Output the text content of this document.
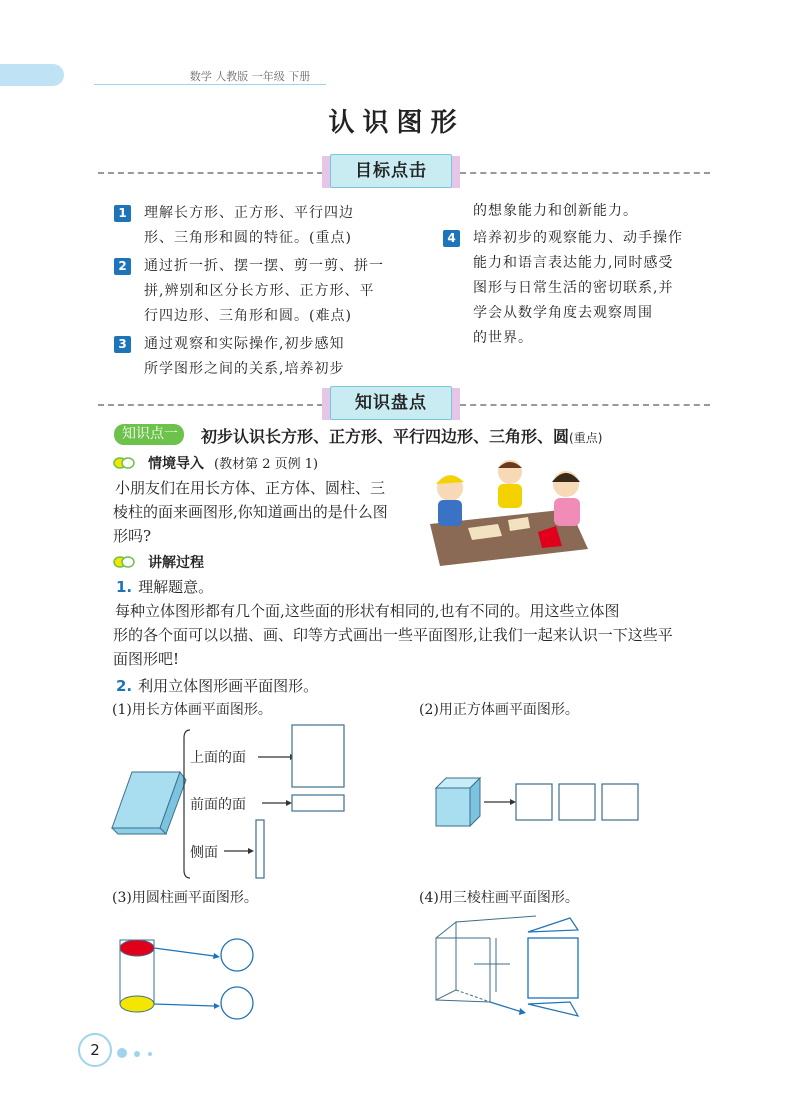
数学 人教版 一年级 下册
认识图形
目标点击
1	理解长方形、正方形、平行四边
形、三角形和圆的特征。(重点)
2	通过折一折、摆一摆、剪一剪、拼一
拼,辨别和区分长方形、正方形、平
行四边形、三角形和圆。(难点)
3	通过观察和实际操作,初步感知
所学图形之间的关系,培养初步
的想象能力和创新能力。
4	培养初步的观察能力、动手操作
能力和语言表达能力,同时感受
图形与日常生活的密切联系,并
学会从数学角度去观察周围
的世界。
知识盘点
知识点一	初步认识长方形、正方形、平行四边形、三角形、圆(重点)
情境导入 (教材第 2 页例 1)
小朋友们在用长方体、正方体、圆柱、三
棱柱的面来画图形,你知道画出的是什么图
形吗?
讲解过程
1. 理解题意。
每种立体图形都有几个面,这些面的形状有相同的,也有不同的。用这些立体图
形的各个面可以以描、画、印等方式画出一些平面图形,让我们一起来认识一下这些平
面图形吧!
2. 利用立体图形画平面图形。
(1)用长方体画平面图形。	(2)用正方体画平面图形。
(3)用圆柱画平面图形。	(4)用三棱柱画平面图形。
上面的面
前面的面
侧面
2
